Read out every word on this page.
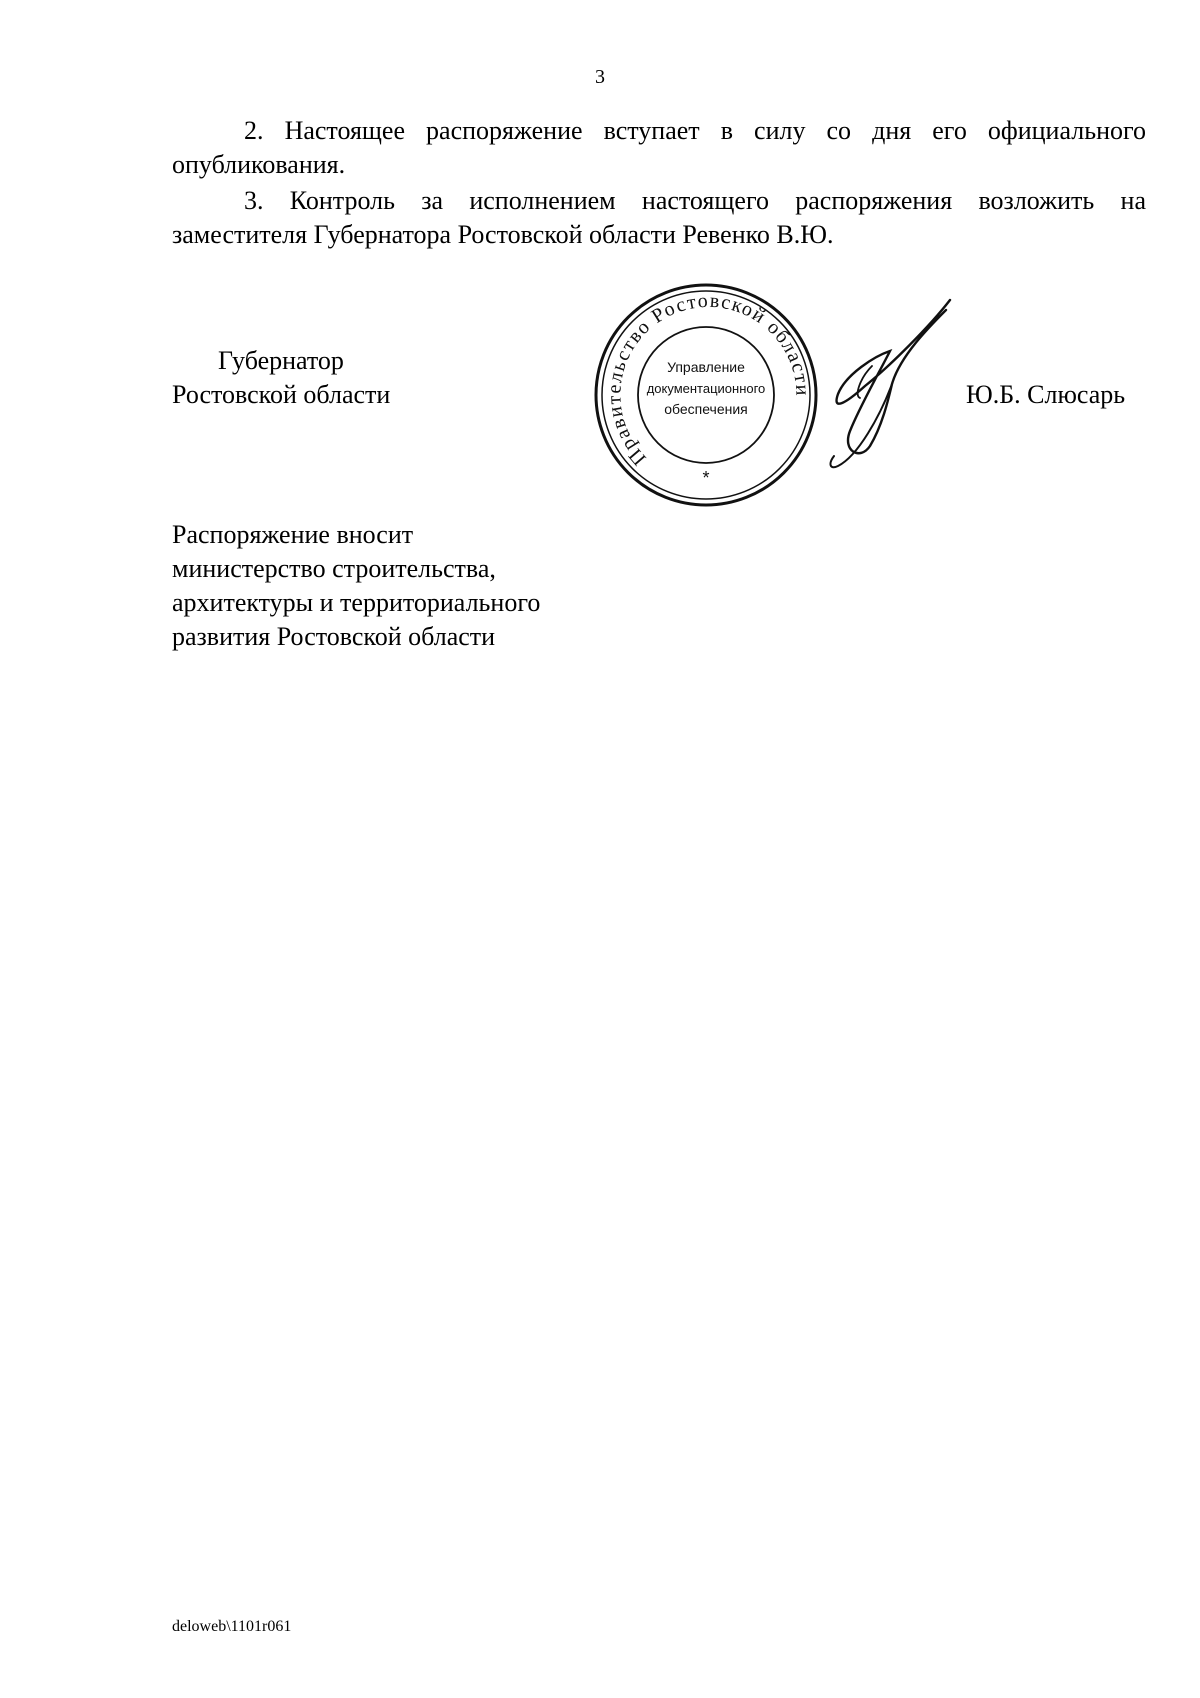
3

2. Настоящее распоряжение вступает в силу со дня его официального опубликования.

3. Контроль за исполнением настоящего распоряжения возложить на заместителя Губернатора Ростовской области Ревенко В.Ю.

Губернатор
Ростовской области
Правительство Ростовской области
Управление
документационного
обеспечения
*
Ю.Б. Слюсарь
Распоряжение вносит
министерство строительства,
архитектуры и территориального
развития Ростовской области
deloweb\1101r061
